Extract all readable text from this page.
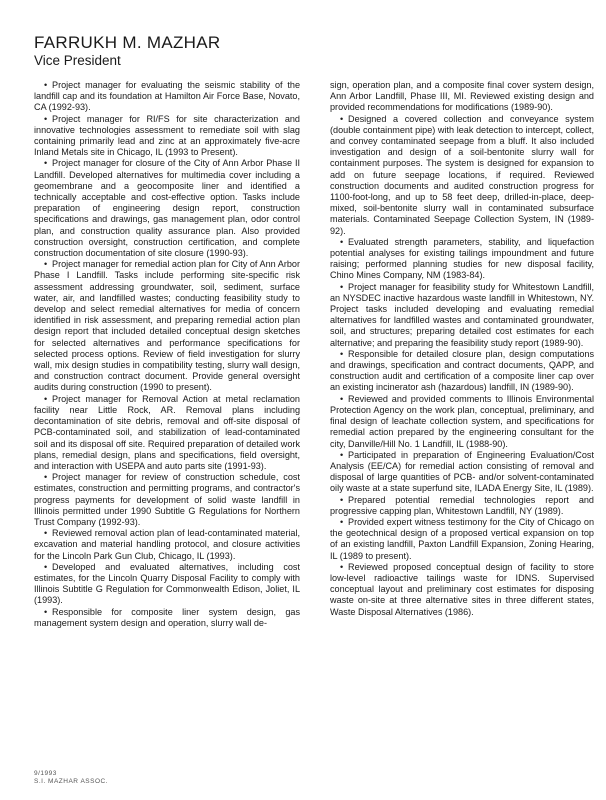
FARRUKH M. MAZHAR
Vice President

• Project manager for evaluating the seismic stability of the landfill cap and its foundation at Hamilton Air Force Base, Novato, CA (1992-93).

• Project manager for RI/FS for site characterization and innovative technologies assessment to remediate soil with slag containing primarily lead and zinc at an approximately five-acre Inland Metals site in Chicago, IL (1993 to Present).

• Project manager for closure of the City of Ann Arbor Phase II Landfill. Developed alternatives for multimedia cover including a geomembrane and a geocomposite liner and identified a technically acceptable and cost-effective option. Tasks include preparation of engineering design report, construction specifications and drawings, gas management plan, odor control plan, and construction quality assurance plan. Also provided construction oversight, construction certification, and complete construction documentation of site closure (1990-93).

• Project manager for remedial action plan for City of Ann Arbor Phase I Landfill. Tasks include performing site-specific risk assessment addressing groundwater, soil, sediment, surface water, air, and landfilled wastes; conducting feasibility study to develop and select remedial alternatives for media of concern identified in risk assessment, and preparing remedial action plan design report that included detailed conceptual design sketches for selected alternatives and performance specifications for selected process options. Review of field investigation for slurry wall, mix design studies in compatibility testing, slurry wall design, and construction contract document. Provide general oversight audits during construction (1990 to present).

• Project manager for Removal Action at metal reclamation facility near Little Rock, AR. Removal plans including decontamination of site debris, removal and off-site disposal of PCB-contaminated soil, and stabilization of lead-contaminated soil and its disposal off site. Required preparation of detailed work plans, remedial design, plans and specifications, field oversight, and interaction with USEPA and auto parts site (1991-93).

• Project manager for review of construction schedule, cost estimates, construction and permitting programs, and contractor's progress payments for development of solid waste landfill in Illinois permitted under 1990 Subtitle G Regulations for Northern Trust Company (1992-93).

• Reviewed removal action plan of lead-contaminated material, excavation and material handling protocol, and closure activities for the Lincoln Park Gun Club, Chicago, IL (1993).

• Developed and evaluated alternatives, including cost estimates, for the Lincoln Quarry Disposal Facility to comply with Illinois Subtitle G Regulation for Commonwealth Edison, Joliet, IL (1993).

• Responsible for composite liner system design, gas management system design and operation, slurry wall de-

sign, operation plan, and a composite final cover system design, Ann Arbor Landfill, Phase III, MI. Reviewed existing design and provided recommendations for modifications (1989-90).

• Designed a covered collection and conveyance system (double containment pipe) with leak detection to intercept, collect, and convey contaminated seepage from a bluff. It also included investigation and design of a soil-bentonite slurry wall for containment purposes. The system is designed for expansion to add on future seepage locations, if required. Reviewed construction documents and audited construction progress for 1100-foot-long, and up to 58 feet deep, drilled-in-place, deep-mixed, soil-bentonite slurry wall in contaminated subsurface materials. Contaminated Seepage Collection System, IN (1989-92).

• Evaluated strength parameters, stability, and liquefaction potential analyses for existing tailings impoundment and future raising; performed planning studies for new disposal facility, Chino Mines Company, NM (1983-84).

• Project manager for feasibility study for Whitestown Landfill, an NYSDEC inactive hazardous waste landfill in Whitestown, NY. Project tasks included developing and evaluating remedial alternatives for landfilled wastes and contaminated groundwater, soil, and structures; preparing detailed cost estimates for each alternative; and preparing the feasibility study report (1989-90).

• Responsible for detailed closure plan, design computations and drawings, specification and contract documents, QAPP, and construction audit and certification of a composite liner cap over an existing incinerator ash (hazardous) landfill, IN (1989-90).

• Reviewed and provided comments to Illinois Environmental Protection Agency on the work plan, conceptual, preliminary, and final design of leachate collection system, and specifications for remedial action prepared by the engineering consultant for the city, Danville/Hill No. 1 Landfill, IL (1988-90).

• Participated in preparation of Engineering Evaluation/Cost Analysis (EE/CA) for remedial action consisting of removal and disposal of large quantities of PCB- and/or solvent-contaminated oily waste at a state superfund site, ILADA Energy Site, IL (1989).

• Prepared potential remedial technologies report and progressive capping plan, Whitestown Landfill, NY (1989).

• Provided expert witness testimony for the City of Chicago on the geotechnical design of a proposed vertical expansion on top of an existing landfill, Paxton Landfill Expansion, Zoning Hearing, IL (1989 to present).

• Reviewed proposed conceptual design of facility to store low-level radioactive tailings waste for IDNS. Supervised conceptual layout and preliminary cost estimates for disposing waste on-site at three alternative sites in three different states, Waste Disposal Alternatives (1986).

9/1993
S.I. MAZHAR ASSOC.
